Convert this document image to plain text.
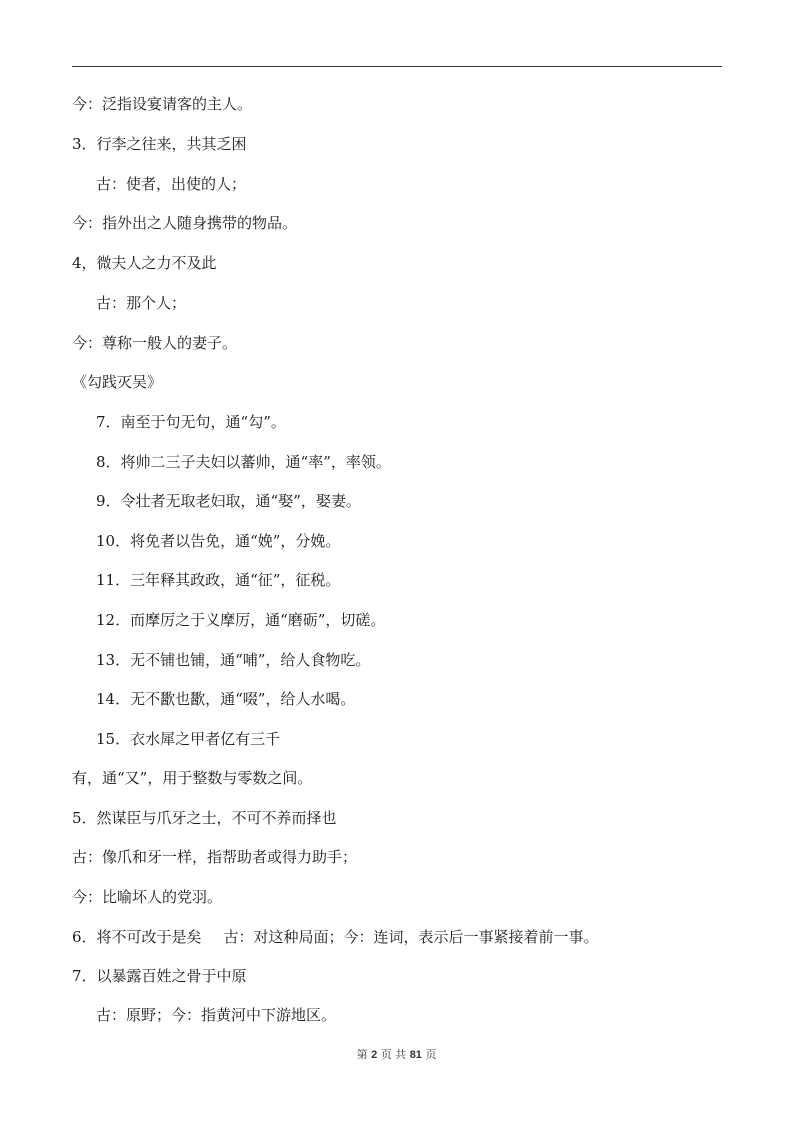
今：泛指设宴请客的主人。
3．行李之往来，共其乏困
古：使者，出使的人；
今：指外出之人随身携带的物品。
4，微夫人之力不及此
古：那个人；
今：尊称一般人的妻子。
《勾践灭吴》
7．南至于句无句，通“勾”。
8．将帅二三子夫妇以蕃帅，通“率”，率领。
9．令壮者无取老妇取，通“娶”，娶妻。
10．将免者以告免，通“娩”，分娩。
11．三年释其政政，通“征”，征税。
12．而摩厉之于义摩厉，通“磨砺”，切磋。
13．无不铺也铺，通“哺”，给人食物吃。
14．无不歠也歠，通“啜”，给人水喝。
15．衣水犀之甲者亿有三千
有，通“又”，用于整数与零数之间。
5．然谋臣与爪牙之士，不可不养而择也
古：像爪和牙一样，指帮助者或得力助手；
今：比喻坏人的党羽。
6．将不可改于是矣 古：对这种局面；今：连词，表示后一事紧接着前一事。
7．以暴露百姓之骨于中原
古：原野；今：指黄河中下游地区。
第 2 页 共 81 页
